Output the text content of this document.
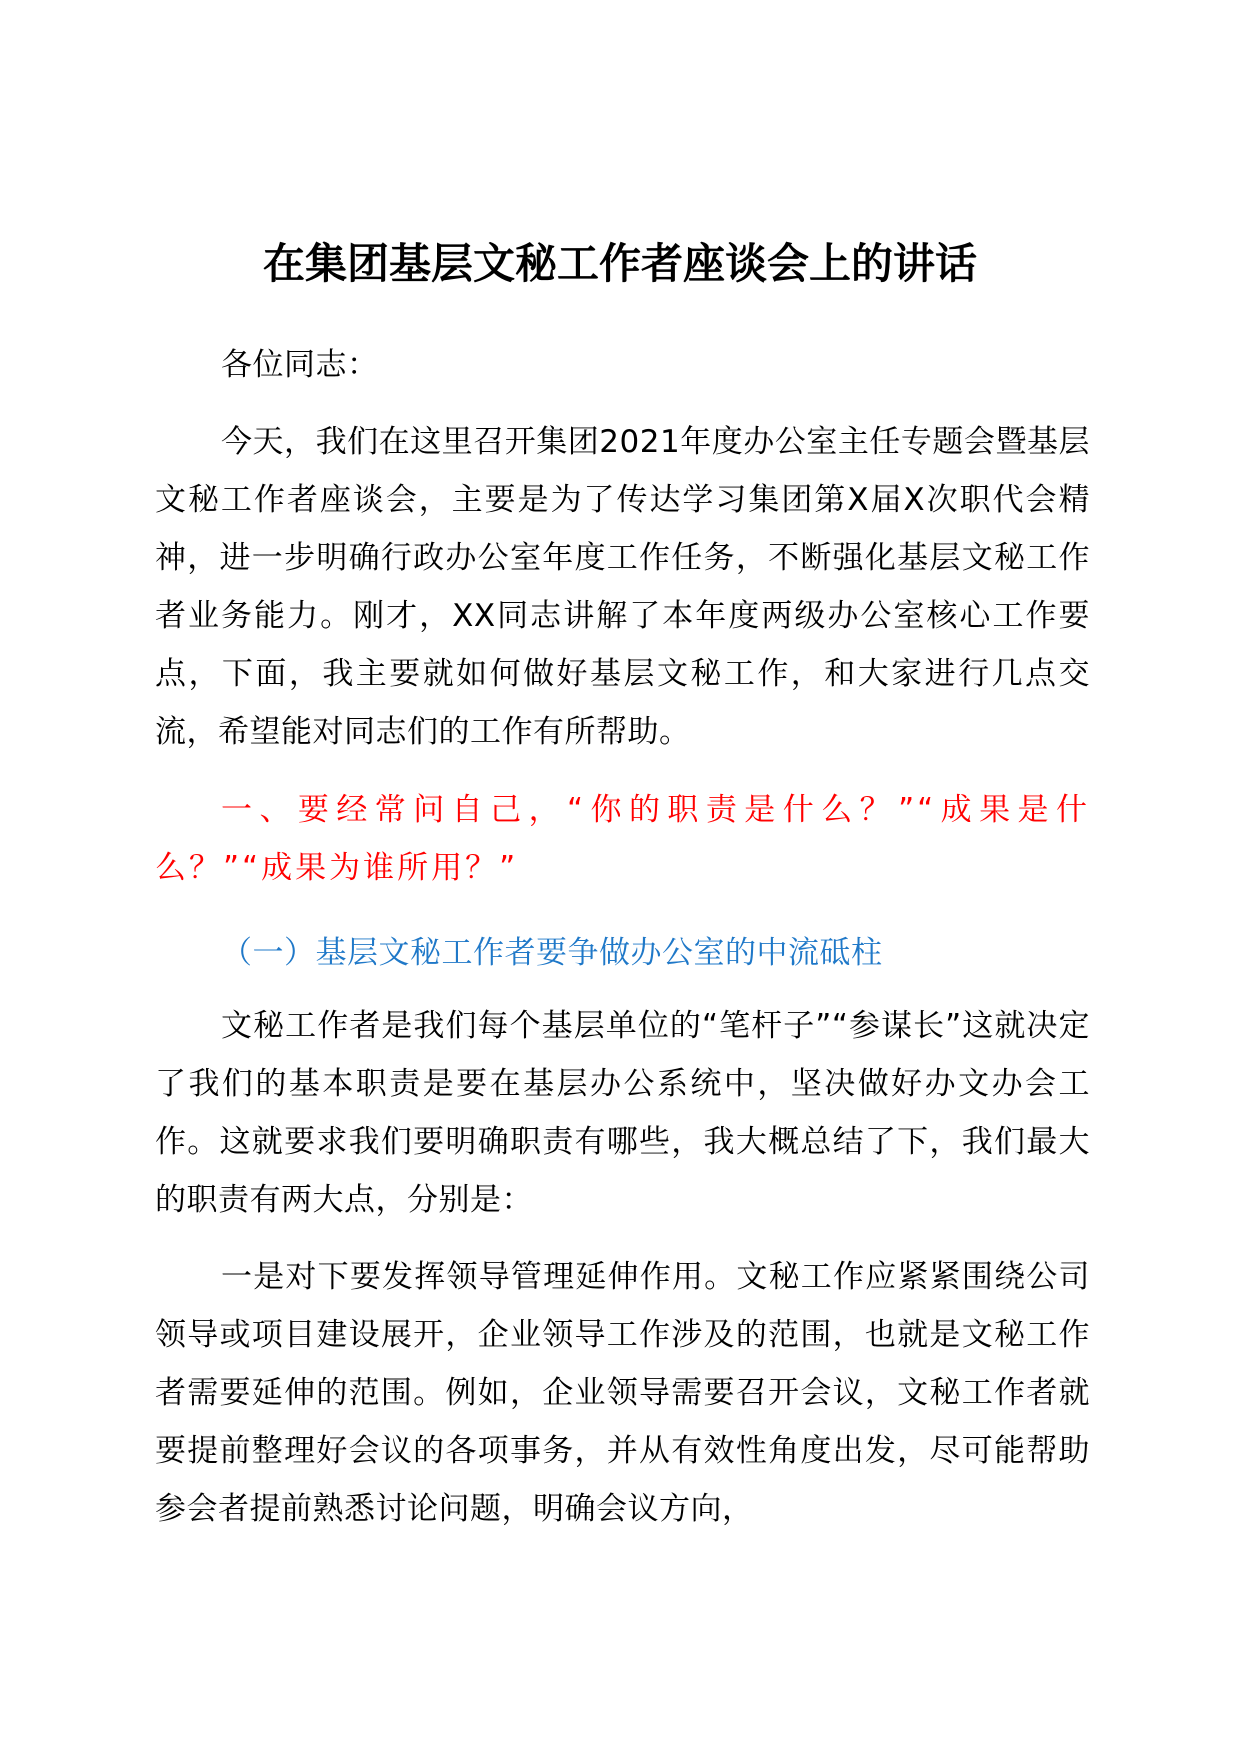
在集团基层文秘工作者座谈会上的讲话
各位同志：
今天，我们在这里召开集团2021年度办公室主任专题会暨基层文秘工作者座谈会，主要是为了传达学习集团第X届X次职代会精神，进一步明确行政办公室年度工作任务，不断强化基层文秘工作者业务能力。刚才，XX同志讲解了本年度两级办公室核心工作要点，下面，我主要就如何做好基层文秘工作，和大家进行几点交流，希望能对同志们的工作有所帮助。
一、要经常问自己，“你的职责是什么？”“成果是什么？”“成果为谁所用？”
（一）基层文秘工作者要争做办公室的中流砥柱
文秘工作者是我们每个基层单位的“笔杆子”“参谋长”这就决定了我们的基本职责是要在基层办公系统中，坚决做好办文办会工作。这就要求我们要明确职责有哪些，我大概总结了下，我们最大的职责有两大点，分别是：
一是对下要发挥领导管理延伸作用。文秘工作应紧紧围绕公司领导或项目建设展开，企业领导工作涉及的范围，也就是文秘工作者需要延伸的范围。例如，企业领导需要召开会议，文秘工作者就要提前整理好会议的各项事务，并从有效性角度出发，尽可能帮助参会者提前熟悉讨论问题，明确会议方向，
